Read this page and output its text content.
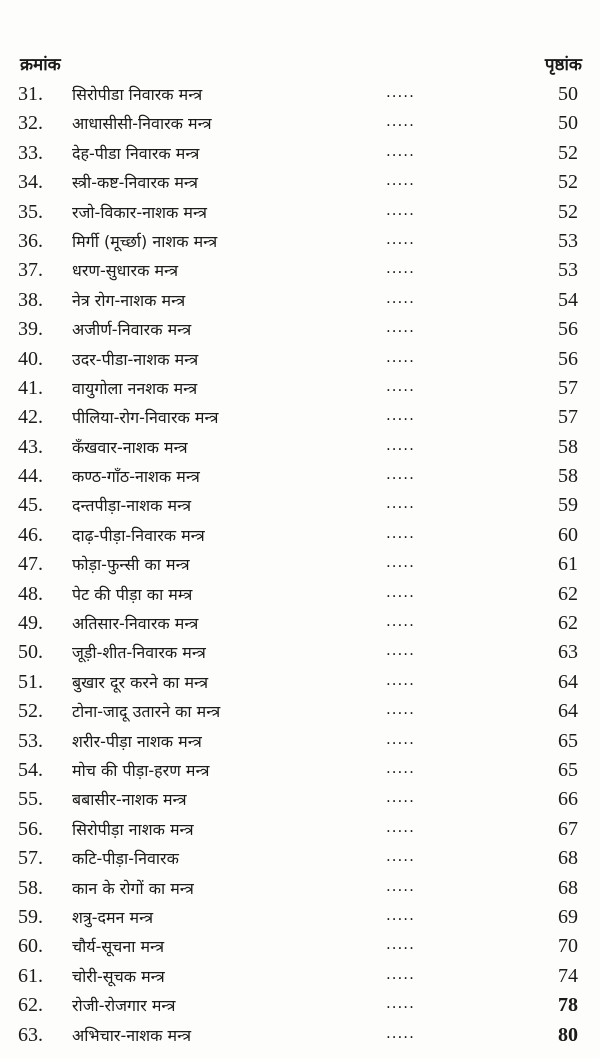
क्रमांक	पृष्ठांक
31. सिरोपीडा निवारक मन्त्र	.....	50
32. आधासीसी-निवारक मन्त्र	.....	50
33. देह-पीडा निवारक मन्त्र	.....	52
34. स्त्री-कष्ट-निवारक मन्त्र	.....	52
35. रजो-विकार-नाशक मन्त्र	.....	52
36. मिर्गी (मूर्च्छा) नाशक मन्त्र	.....	53
37. धरण-सुधारक मन्त्र	.....	53
38. नेत्र रोग-नाशक मन्त्र	.....	54
39. अजीर्ण-निवारक मन्त्र	.....	56
40. उदर-पीडा-नाशक मन्त्र	.....	56
41. वायुगोला ननशक मन्त्र	.....	57
42. पीलिया-रोग-निवारक मन्त्र	.....	57
43. कँखवार-नाशक मन्त्र	.....	58
44. कण्ठ-गाँठ-नाशक मन्त्र	.....	58
45. दन्तपीड़ा-नाशक मन्त्र	.....	59
46. दाढ़-पीड़ा-निवारक मन्त्र	.....	60
47. फोड़ा-फुन्सी का मन्त्र	.....	61
48. पेट की पीड़ा का मम्त्र	.....	62
49. अतिसार-निवारक मन्त्र	.....	62
50. जूड़ी-शीत-निवारक मन्त्र	.....	63
51. बुखार दूर करने का मन्त्र	.....	64
52. टोना-जादू उतारने का मन्त्र	.....	64
53. शरीर-पीड़ा नाशक मन्त्र	.....	65
54. मोच की पीड़ा-हरण मन्त्र	.....	65
55. बबासीर-नाशक मन्त्र	.....	66
56. सिरोपीड़ा नाशक मन्त्र	.....	67
57. कटि-पीड़ा-निवारक	.....	68
58. कान के रोगों का मन्त्र	.....	68
59. शत्रु-दमन मन्त्र	.....	69
60. चौर्य-सूचना मन्त्र	.....	70
61. चोरी-सूचक मन्त्र	.....	74
62. रोजी-रोजगार मन्त्र	.....	78
63. अभिचार-नाशक मन्त्र	.....	80
